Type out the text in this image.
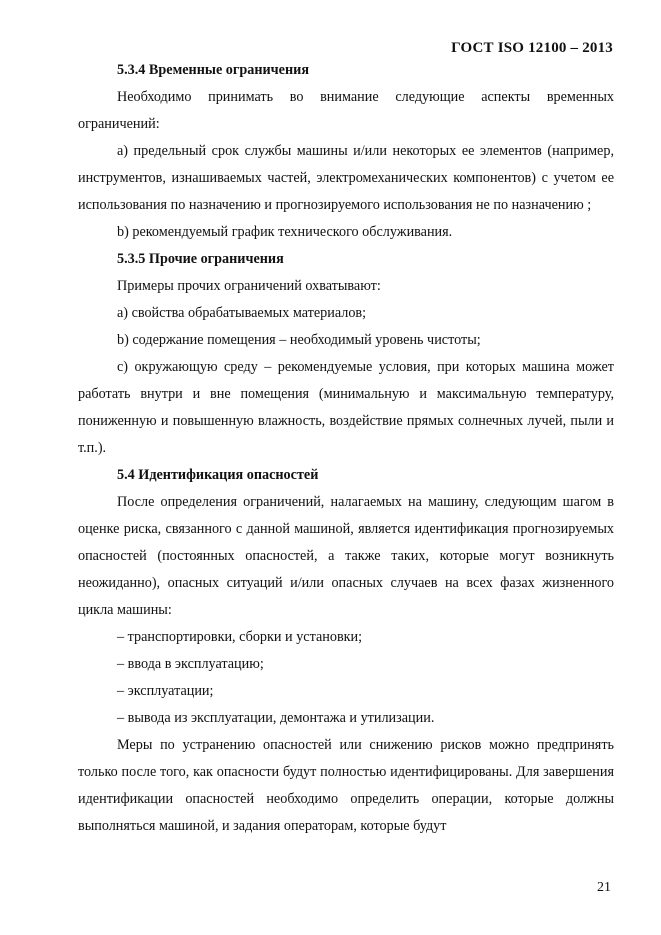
ГОСТ ISO 12100 – 2013

5.3.4 Временные ограничения

Необходимо принимать во внимание следующие аспекты временных ограничений:

a) предельный срок службы машины и/или некоторых ее элементов (например, инструментов, изнашиваемых частей, электромеханических компонентов) с учетом ее использования по назначению и прогнозируемого использования не по назначению ;

b) рекомендуемый график технического обслуживания.

5.3.5 Прочие ограничения

Примеры прочих ограничений охватывают:

a) свойства обрабатываемых материалов;

b) содержание помещения – необходимый уровень чистоты;

c) окружающую среду – рекомендуемые условия, при которых машина может работать внутри и вне помещения (минимальную и максимальную температуру, пониженную и повышенную влажность, воздействие прямых солнечных лучей, пыли и т.п.).

5.4 Идентификация опасностей

После определения ограничений, налагаемых на машину, следующим шагом в оценке риска, связанного с данной машиной, является идентификация прогнозируемых опасностей (постоянных опасностей, а также таких, которые могут возникнуть неожиданно), опасных ситуаций и/или опасных случаев на всех фазах жизненного цикла машины:

– транспортировки, сборки и установки;

– ввода в эксплуатацию;

– эксплуатации;

– вывода из эксплуатации, демонтажа и утилизации.

Меры по устранению опасностей или снижению рисков можно предпринять только после того, как опасности будут полностью идентифицированы. Для завершения идентификации опасностей необходимо определить операции, которые должны выполняться машиной, и задания операторам, которые будут

21
